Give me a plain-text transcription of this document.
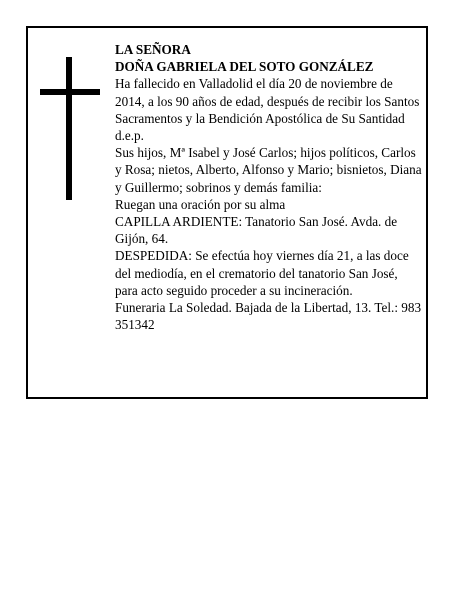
LA SEÑORA

DOÑA GABRIELA DEL SOTO GONZÁLEZ

Ha fallecido en Valladolid el día 20 de noviembre de 2014, a los 90 años de edad, después de recibir los Santos Sacramentos y la Bendición Apostólica de Su Santidad

d.e.p.

Sus hijos, Mª Isabel y José Carlos; hijos políticos, Carlos y Rosa; nietos, Alberto, Alfonso y Mario; bisnietos, Diana y Guillermo; sobrinos y demás familia:

Ruegan una oración por su alma

CAPILLA ARDIENTE: Tanatorio San José. Avda. de Gijón, 64.

DESPEDIDA: Se efectúa hoy viernes día 21, a las doce del mediodía, en el crematorio del tanatorio San José, para acto seguido proceder a su incineración.

Funeraria La Soledad. Bajada de la Libertad, 13. Tel.: 983 351342
